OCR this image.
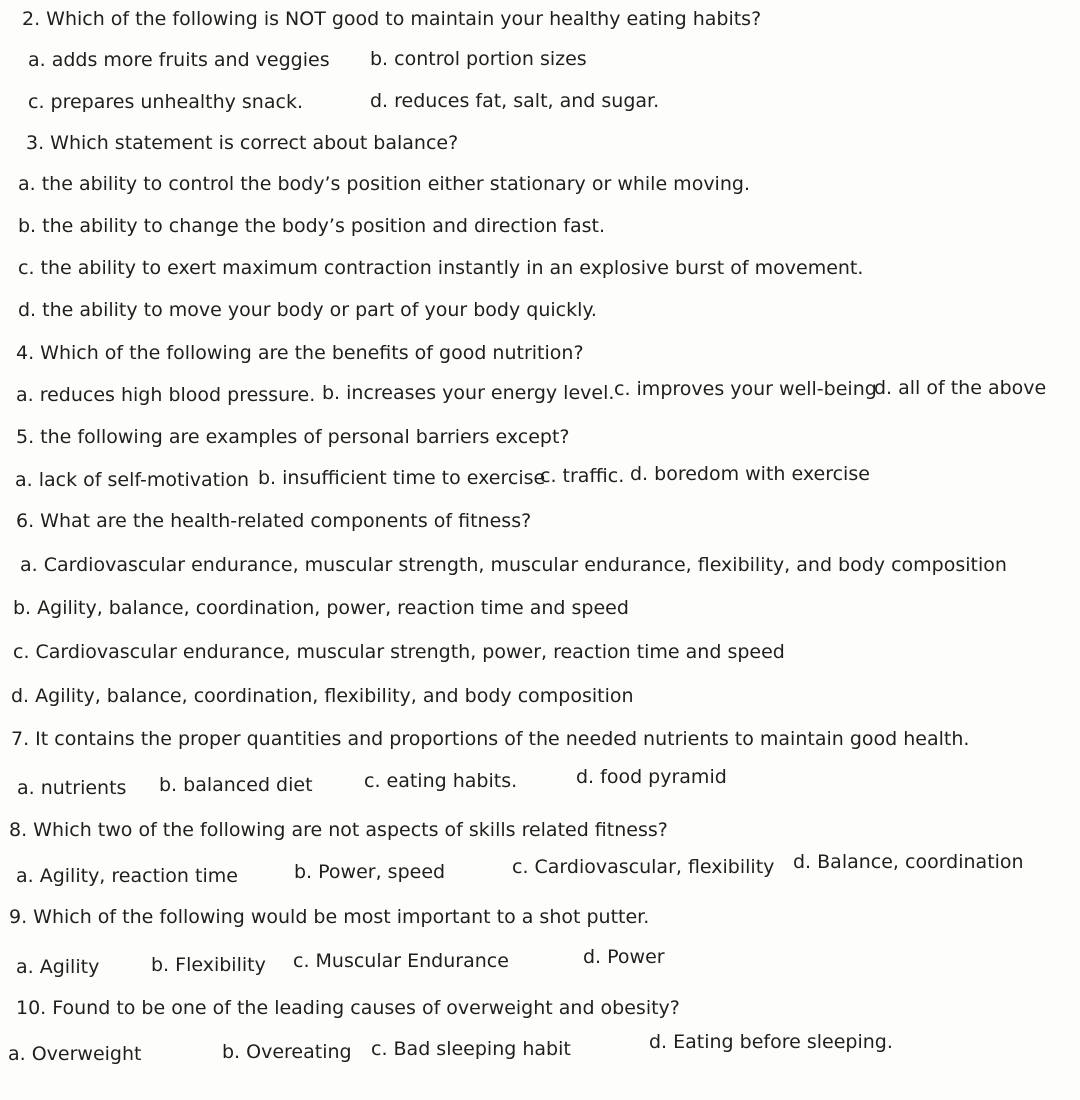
2. Which of the following is NOT good to maintain your healthy eating habits?
a. adds more fruits and veggies b. control portion sizes
c. prepares unhealthy snack.	d. reduces fat, salt, and sugar.
3. Which statement is correct about balance?
a. the ability to control the body’s position either stationary or while moving.
b. the ability to change the body’s position and direction fast.
c. the ability to exert maximum contraction instantly in an explosive burst of movement.
d. the ability to move your body or part of your body quickly.
4. Which of the following are the benefits of good nutrition?
a. reduces high blood pressure. b. increases your energy level. c. improves your well-being
d. all of the above
5. the following are examples of personal barriers except?
a. lack of self-motivation b. insufficient time to exercise
c. traffic. d. boredom with exercise
6. What are the health-related components of fitness?
a. Cardiovascular endurance, muscular strength, muscular endurance, flexibility, and body composition
b. Agility, balance, coordination, power, reaction time and speed
c. Cardiovascular endurance, muscular strength, power, reaction time and speed
d. Agility, balance, coordination, flexibility, and body composition
7. It contains the proper quantities and proportions of the needed nutrients to maintain good health.
a. nutrients b. balanced diet	c. eating habits.	d. food pyramid
8. Which two of the following are not aspects of skills related fitness?
a. Agility, reaction time	b. Power, speed	c. Cardiovascular, flexibility d. Balance, coordination
9. Which of the following would be most important to a shot putter.
a. Agility	b. Flexibility c. Muscular Endurance	d. Power
10. Found to be one of the leading causes of overweight and obesity?
a. Overweight	b. Overeating c. Bad sleeping habit	d. Eating before sleeping.
